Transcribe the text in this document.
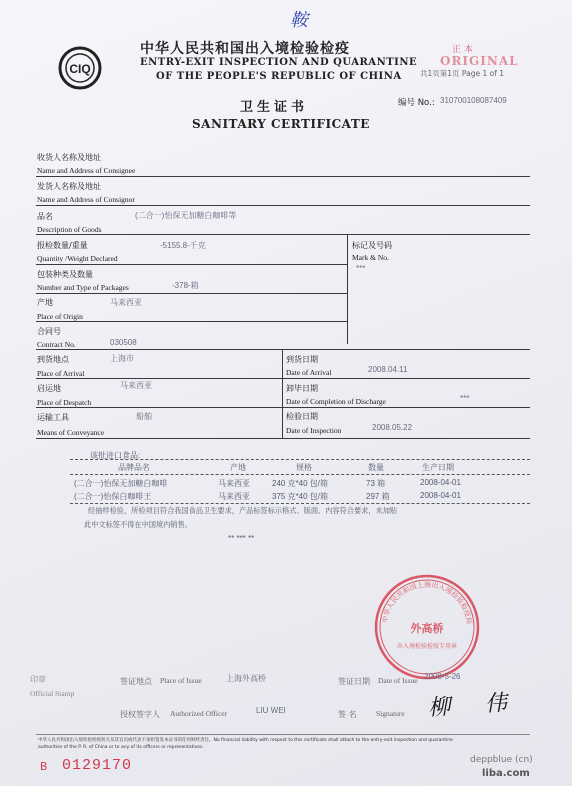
鞍
CIQ
中华人民共和国出入境检验检疫
ENTRY-EXIT INSPECTION AND QUARANTINE
OF THE PEOPLE'S REPUBLIC OF CHINA
正 本
ORIGINAL
共1页第1页 Page 1 of 1
卫生证书
SANITARY CERTIFICATE
编号 No.: 310700108087409
收货人名称及地址
Name and Address of Consignee
发货人名称及地址
Name and Address of Consignor
品名	(二合一)怡保无加糖白咖啡等
Description of Goods
报检数量/重量	-5155.8-千克
Quantity /Weight Declared
标记及号码
Mark & No.
***
包装种类及数量
-378-箱
Number and Type of Packages
产地	马来西亚
Place of Origin
合同号
Contract No.	030508
到货地点	上海市
Place of Arrival
到货日期
Date of Arrival	2008.04.11
启运地	马来西亚
Place of Despatch
卸毕日期
Date of Completion of Discharge	***
运输工具	船舶
Means of Conveyance
检验日期
Date of Inspection	2008.05.22
该批进口食品:
品牌品名	产地	规格	数量	生产日期
(二合一)怡保无加糖白咖啡	马来西亚	240 克*40 包/箱	73 箱	2008-04-01
(二合一)怡保白咖啡王	马来西亚	375 克*40 包/箱	297 箱	2008-04-01
经抽样检验，所检项目符合我国食品卫生要求，产品标签标示格式、版面、内容符合要求，未加贴
此中文标签不得在中国境内销售。
** *** **
中华人民共和国上海出入境检验检疫局
外高桥
出入境检验检疫专用章
印章
Official Stamp
签证地点 Place of Issue	上海外高桥	签证日期 Date of Issue 2008-5-26
授权签字人 Authorized Officer	LIU WEI	签 名	Signature 柳 伟
中华人民共和国出入境检验检疫机关及其官员或代表不承担签发本证书的任何财经责任。No financial liability with respect to this certificate shall attach to the entry-exit inspection and quarantine
authorities of the P. R. of China or to any of its officers or representatives.
B 0129170	deppblue (cn)
liba.com
